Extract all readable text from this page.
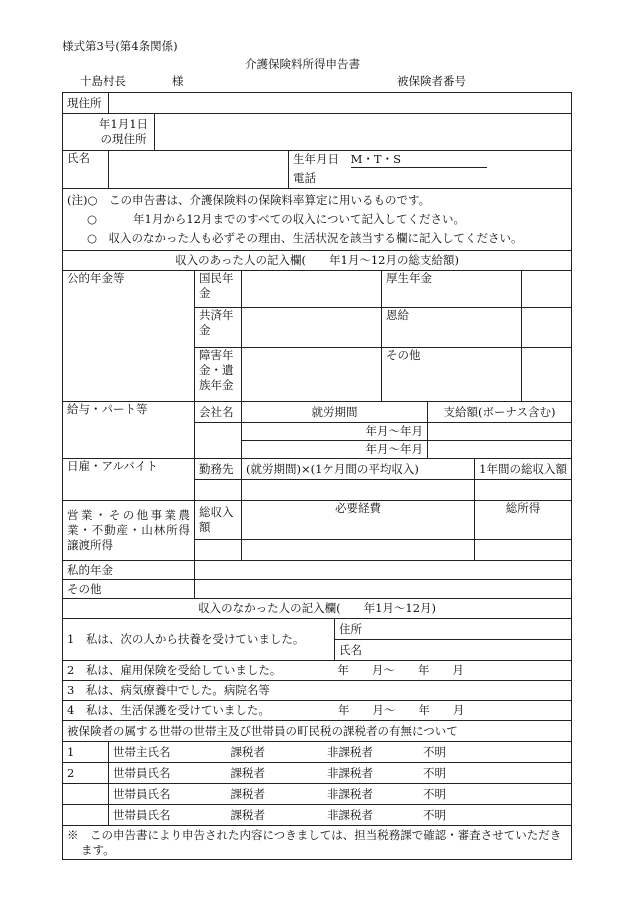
様式第3号(第4条関係)
介護保険料所得申告書
十島村長	様	被保険者番号
現住所										

年1月1日
の現住所										

氏名					生年月日 M・T・S					
					電話					

(注)○　 この申告書は、介護保険料の保険料率算定に用いるものです。
○ 年1月から12月までのすべての収入について記入してください。
○　 収入のなかった人も必ずその理由、生活状況を該当する欄に記入してください。										

収入のあった人の記入欄(　　年1月～12月の総支給額)										
公的年金等			国民年金				厚生年金			
			共済年金				恩給			
			障害年金・遺族年金				その他			
給与・パート等			会社名	就労期間				支給額(ボーナス含む)		
				年月～年月						
				年月～年月						
日雇・アルバイト			勤務先	(就労期間)×(1ケ月間の平均収入)					1年間の総収入額	

営業・その他事業農業・不動産・山林所得譲渡所得			総収入額	必要経費					総所得	

私的年金										
その他										
収入のなかった人の記入欄(　　年1月～12月)										
1　私は、次の人から扶養を受けていました。						住所				
						氏名				
2　私は、雇用保険を受給していました。 年　　月～　　年　　月										
3　私は、病気療養中でした。病院名等										
4　私は、生活保護を受けていました。 年　　月～　　年　　月										
被保険者の属する世帯の世帯主及び世帯員の町民税の課税者の有無について										
1	世帯主氏名 課税者 非課税者 不明									
2	世帯員氏名 課税者 非課税者 不明									
	世帯員氏名 課税者 非課税者 不明									
	世帯員氏名 課税者 非課税者 不明									
※　 この申告書により申告された内容につきましては、担当税務課で確認・審査させていただきます。										
